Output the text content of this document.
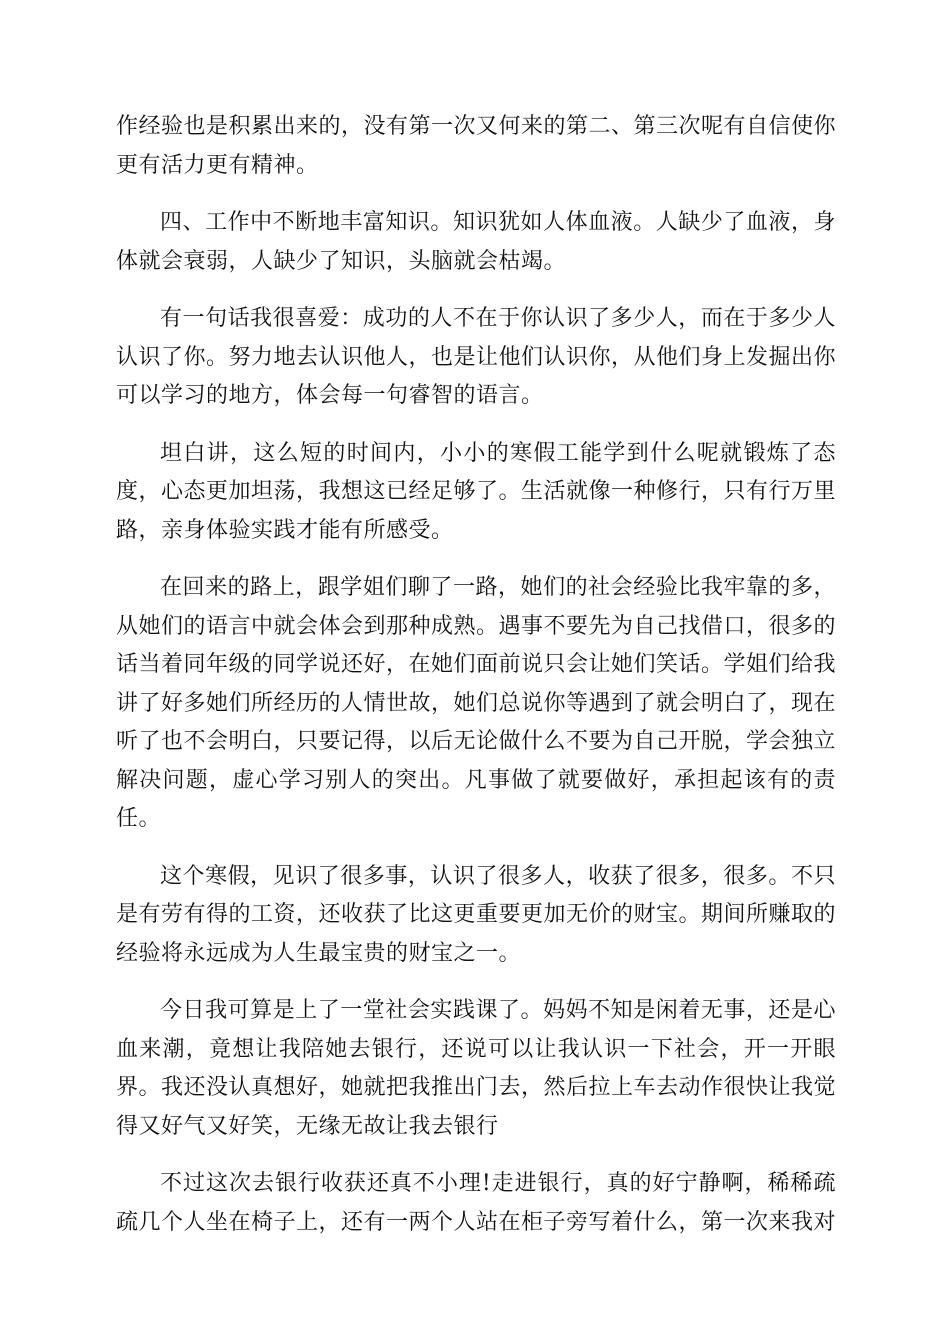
作经验也是积累出来的，没有第一次又何来的第二、第三次呢有自信使你更有活力更有精神。

四、工作中不断地丰富知识。知识犹如人体血液。人缺少了血液，身体就会衰弱，人缺少了知识，头脑就会枯竭。

有一句话我很喜爱：成功的人不在于你认识了多少人，而在于多少人认识了你。努力地去认识他人，也是让他们认识你，从他们身上发掘出你可以学习的地方，体会每一句睿智的语言。

坦白讲，这么短的时间内，小小的寒假工能学到什么呢就锻炼了态度，心态更加坦荡，我想这已经足够了。生活就像一种修行，只有行万里路，亲身体验实践才能有所感受。

在回来的路上，跟学姐们聊了一路，她们的社会经验比我牢靠的多，从她们的语言中就会体会到那种成熟。遇事不要先为自己找借口，很多的话当着同年级的同学说还好，在她们面前说只会让她们笑话。学姐们给我讲了好多她们所经历的人情世故，她们总说你等遇到了就会明白了，现在听了也不会明白，只要记得，以后无论做什么不要为自己开脱，学会独立解决问题，虚心学习别人的突出。凡事做了就要做好，承担起该有的责任。

这个寒假，见识了很多事，认识了很多人，收获了很多，很多。不只是有劳有得的工资，还收获了比这更重要更加无价的财宝。期间所赚取的经验将永远成为人生最宝贵的财宝之一。

今日我可算是上了一堂社会实践课了。妈妈不知是闲着无事，还是心血来潮，竟想让我陪她去银行，还说可以让我认识一下社会，开一开眼界。我还没认真想好，她就把我推出门去，然后拉上车去动作很快让我觉得又好气又好笑，无缘无故让我去银行

不过这次去银行收获还真不小理!走进银行，真的好宁静啊，稀稀疏疏几个人坐在椅子上，还有一两个人站在柜子旁写着什么，第一次来我对
